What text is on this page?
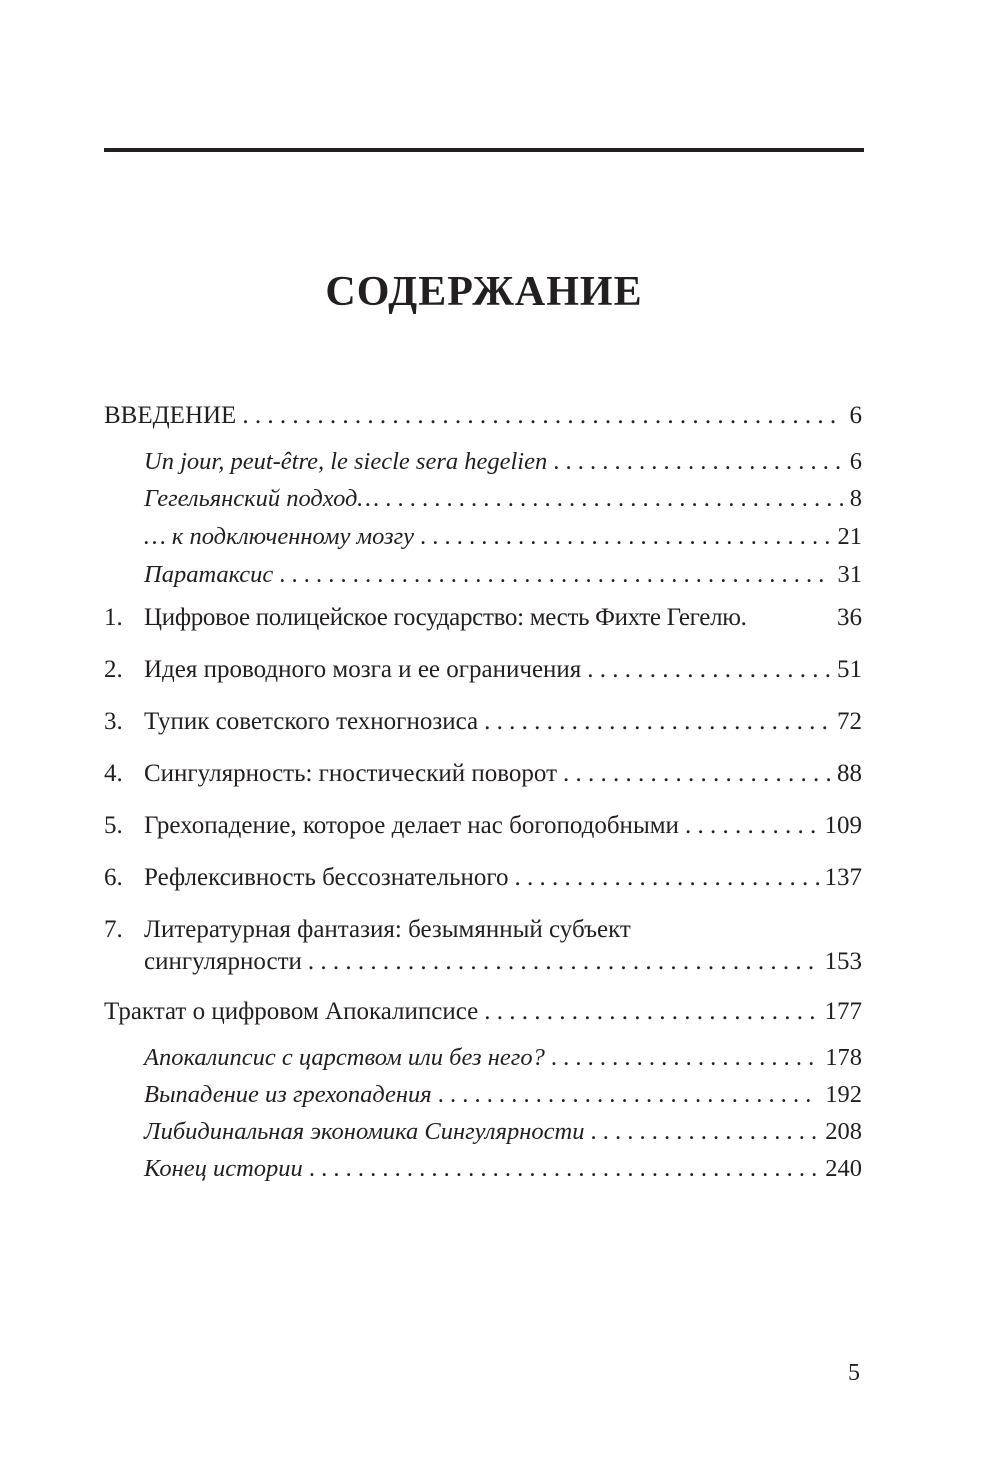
СОДЕРЖАНИЕ
ВВЕДЕНИЕ . . .	6
Un jour, peut-être, le siecle sera hegelien . . .	6
Гегельянский подход… . . .	8
… к подключенному мозгу . . .	21
Паратаксис . . .	31
1. Цифровое полицейское государство: месть Фихте Гегелю.	36
2. Идея проводного мозга и ее ограничения . . .	51
3. Тупик советского техногнозиса . . .	72
4. Сингулярность: гностический поворот . . .	88
5. Грехопадение, которое делает нас богоподобными . . .	109
6. Рефлексивность бессознательного . . .	137
7. Литературная фантазия: безымянный субъект
сингулярности . . .	153
Трактат о цифровом Апокалипсисе . . .	177
Апокалипсис с царством или без него? . . .	178
Выпадение из грехопадения . . .	192
Либидинальная экономика Сингулярности . . .	208
Конец истории . . .	240
5
